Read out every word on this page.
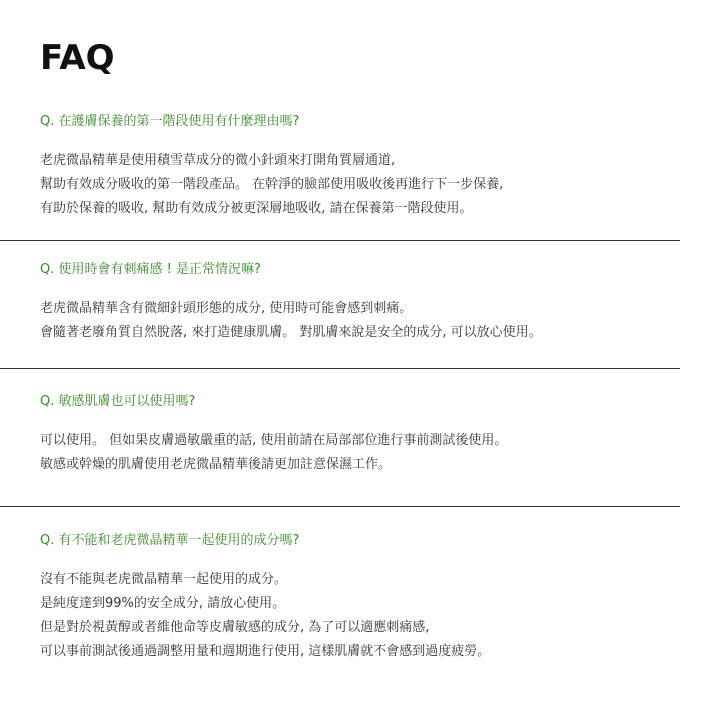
FAQ

Q. 在護膚保養的第一階段使用有什麼理由嗎?

老虎微晶精華是使用積雪草成分的微小針頭來打開角質層通道,

幫助有效成分吸收的第一階段產品。 在幹淨的臉部使用吸收後再進行下一步保養,

有助於保養的吸收, 幫助有效成分被更深層地吸收, 請在保養第一階段使用。

Q. 使用時會有刺痛感 ! 是正常情況嘛?

老虎微晶精華含有微細針頭形態的成分, 使用時可能會感到刺痛。

會隨著老廢角質自然脫落, 來打造健康肌膚。 對肌膚來說是安全的成分, 可以放心使用。

Q. 敏感肌膚也可以使用嗎?

可以使用。 但如果皮膚過敏嚴重的話, 使用前請在局部部位進行事前測試後使用。

敏感或幹燥的肌膚使用老虎微晶精華後請更加註意保濕工作。

Q. 有不能和老虎微晶精華一起使用的成分嗎?

沒有不能與老虎微晶精華一起使用的成分。

是純度達到99%的安全成分, 請放心使用。

但是對於視黃醇或者維他命等皮膚敏感的成分, 為了可以適應刺痛感,

可以事前測試後通過調整用量和週期進行使用, 這樣肌膚就不會感到過度疲勞。
